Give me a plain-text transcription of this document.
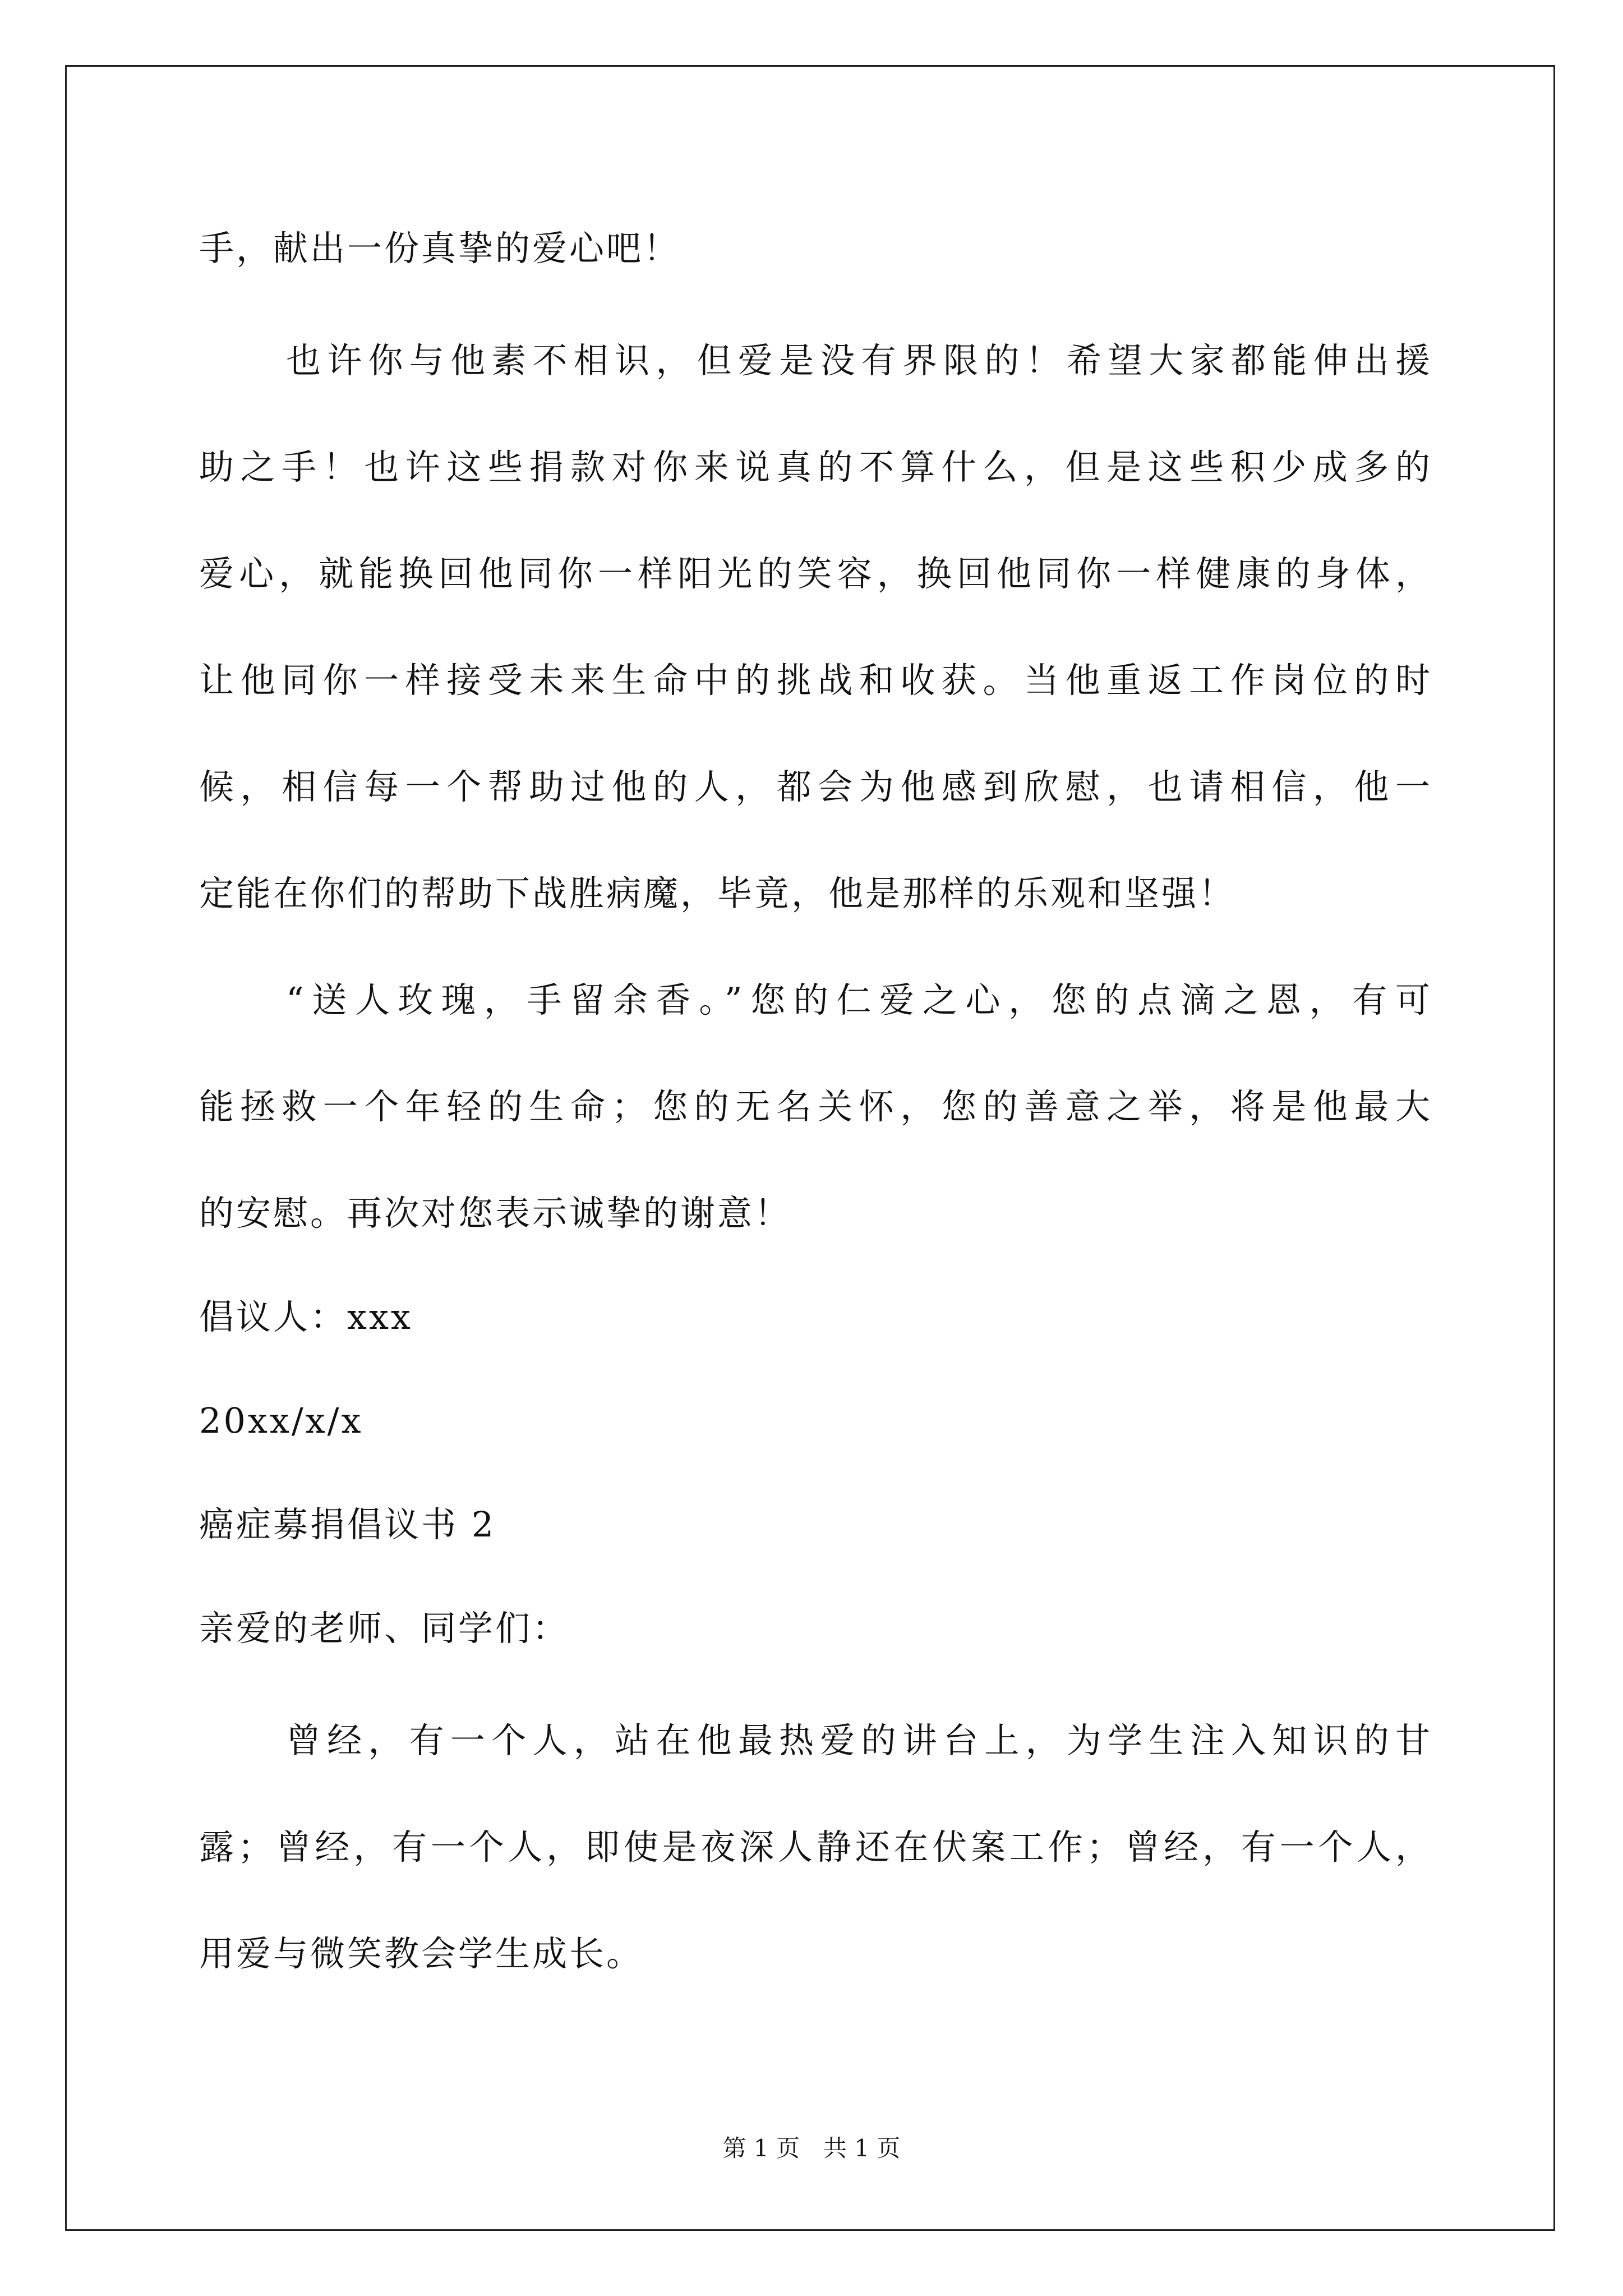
手，献出一份真挚的爱心吧！
也许你与他素不相识，但爱是没有界限的！希望大家都能伸出援
助之手！也许这些捐款对你来说真的不算什么，但是这些积少成多的
爱心，就能换回他同你一样阳光的笑容，换回他同你一样健康的身体，
让他同你一样接受未来生命中的挑战和收获。当他重返工作岗位的时
候，相信每一个帮助过他的人，都会为他感到欣慰，也请相信，他一
定能在你们的帮助下战胜病魔，毕竟，他是那样的乐观和坚强！
“送人玫瑰，手留余香。”您的仁爱之心，您的点滴之恩，有可
能拯救一个年轻的生命；您的无名关怀，您的善意之举，将是他最大
的安慰。再次对您表示诚挚的谢意！
倡议人：xxx
20xx/x/x
癌症募捐倡议书 2
亲爱的老师、同学们：
曾经，有一个人，站在他最热爱的讲台上，为学生注入知识的甘
露；曾经，有一个人，即使是夜深人静还在伏案工作；曾经，有一个人，
用爱与微笑教会学生成长。
第 1 页　共 1 页
